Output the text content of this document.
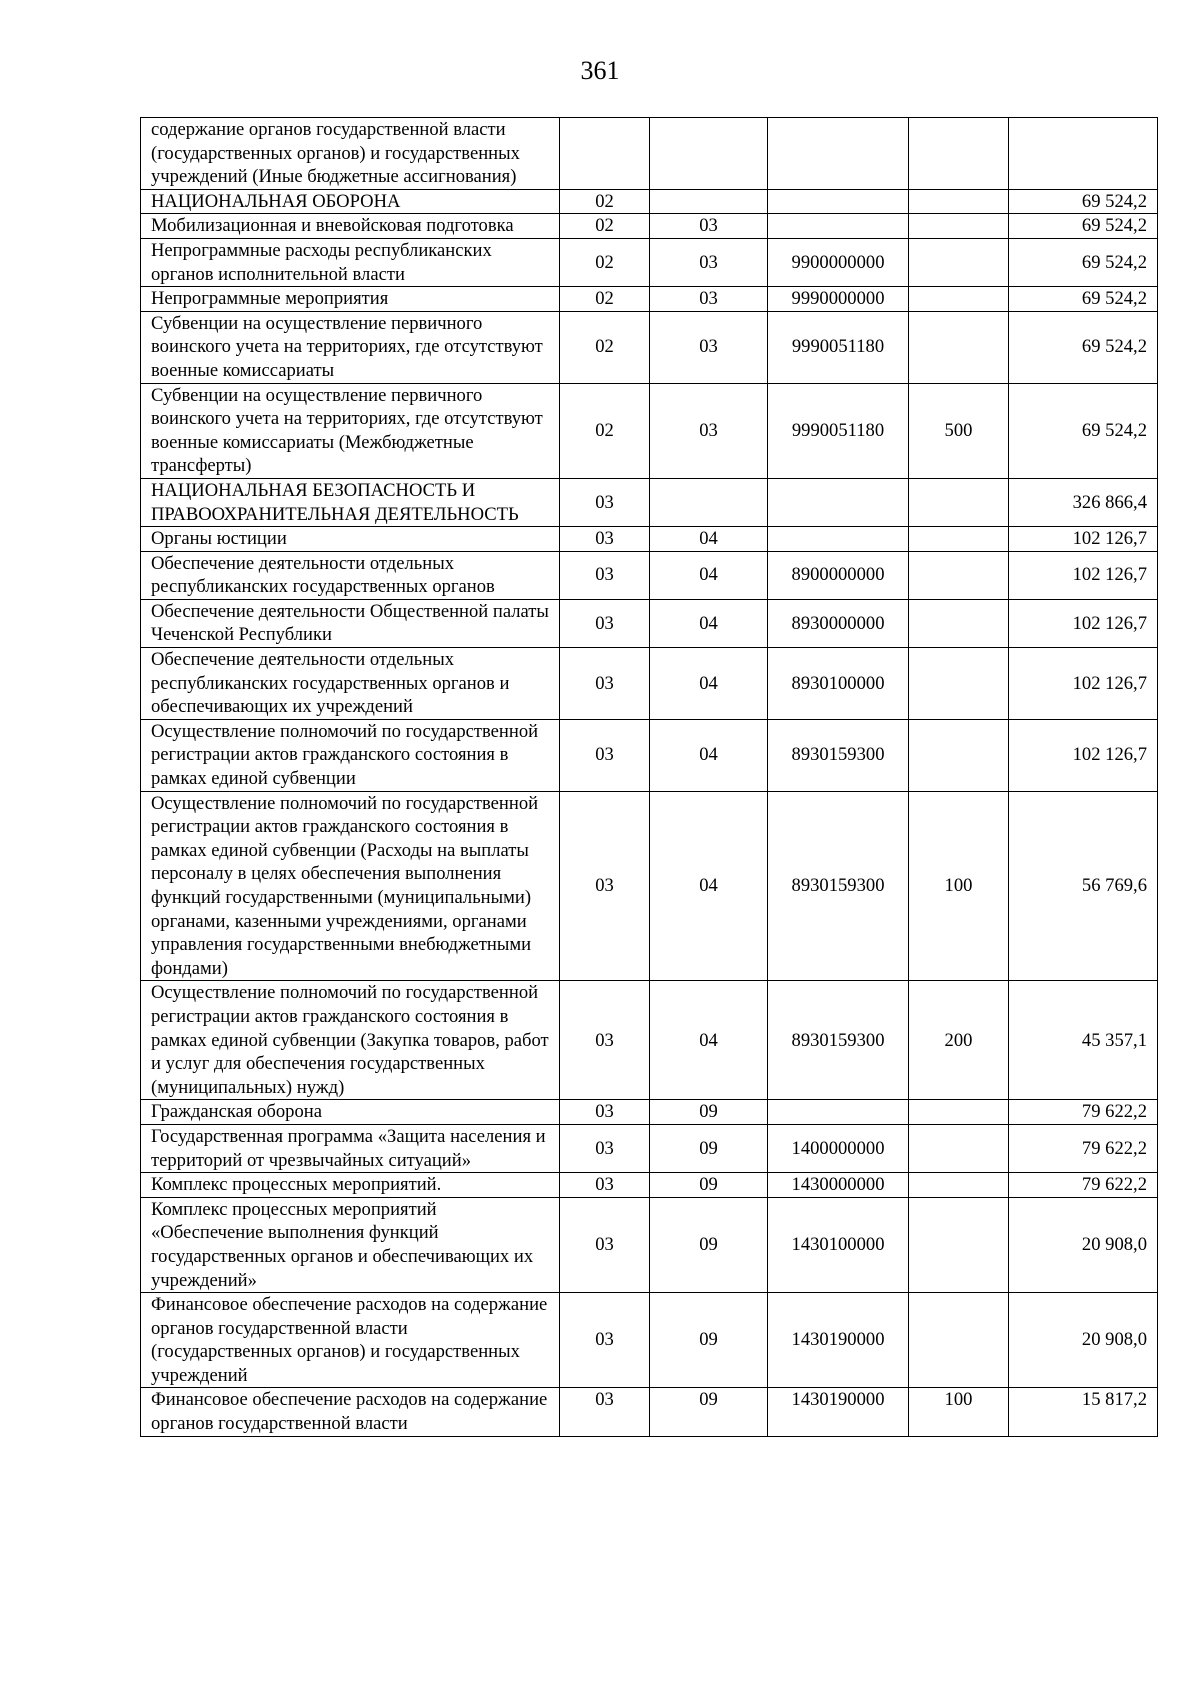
361
содержание органов государственной власти (государственных органов) и государственных учреждений (Иные бюджетные ассигнования)					
НАЦИОНАЛЬНАЯ ОБОРОНА	02				69 524,2
Мобилизационная и вневойсковая подготовка	02	03			69 524,2
Непрограммные расходы республиканских органов исполнительной власти	02	03	9900000000		69 524,2
Непрограммные мероприятия	02	03	9990000000		69 524,2
Субвенции на осуществление первичного воинского учета на территориях, где отсутствуют военные комиссариаты	02	03	9990051180		69 524,2
Субвенции на осуществление первичного воинского учета на территориях, где отсутствуют военные комиссариаты (Межбюджетные трансферты)	02	03	9990051180	500	69 524,2
НАЦИОНАЛЬНАЯ БЕЗОПАСНОСТЬ И ПРАВООХРАНИТЕЛЬНАЯ ДЕЯТЕЛЬНОСТЬ	03				326 866,4
Органы юстиции	03	04			102 126,7
Обеспечение деятельности отдельных республиканских государственных органов	03	04	8900000000		102 126,7
Обеспечение деятельности Общественной палаты Чеченской Республики	03	04	8930000000		102 126,7
Обеспечение деятельности отдельных республиканских государственных органов и обеспечивающих их учреждений	03	04	8930100000		102 126,7
Осуществление полномочий по государственной регистрации актов гражданского состояния в рамках единой субвенции	03	04	8930159300		102 126,7
Осуществление полномочий по государственной регистрации актов гражданского состояния в рамках единой субвенции (Расходы на выплаты персоналу в целях обеспечения выполнения функций государственными (муниципальными) органами, казенными учреждениями, органами управления государственными внебюджетными фондами)	03	04	8930159300	100	56 769,6
Осуществление полномочий по государственной регистрации актов гражданского состояния в рамках единой субвенции (Закупка товаров, работ и услуг для обеспечения государственных (муниципальных) нужд)	03	04	8930159300	200	45 357,1
Гражданская оборона	03	09			79 622,2
Государственная программа «Защита населения и территорий от чрезвычайных ситуаций»	03	09	1400000000		79 622,2
Комплекс процессных мероприятий.	03	09	1430000000		79 622,2
Комплекс процессных мероприятий «Обеспечение выполнения функций государственных органов и обеспечивающих их учреждений»	03	09	1430100000		20 908,0
Финансовое обеспечение расходов на содержание органов государственной власти (государственных органов) и государственных учреждений	03	09	1430190000		20 908,0
Финансовое обеспечение расходов на содержание органов государственной власти	03	09	1430190000	100	15 817,2
